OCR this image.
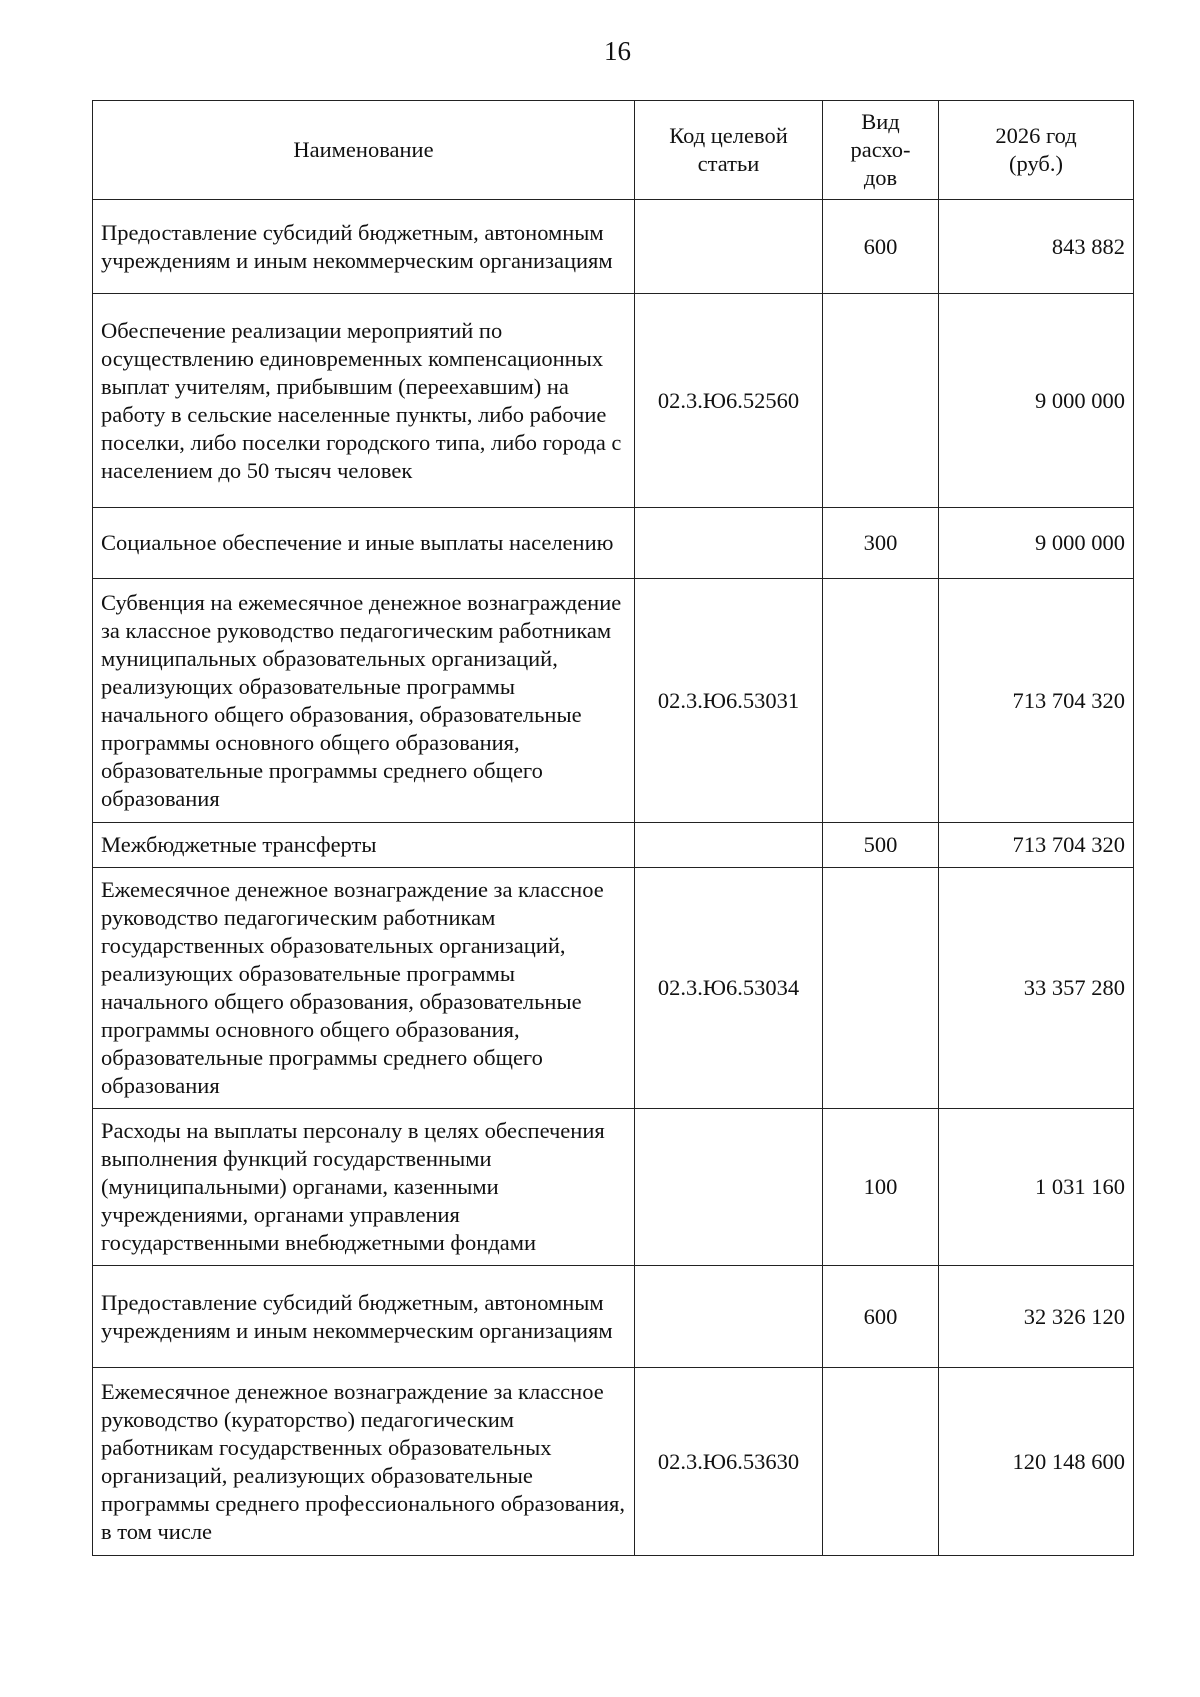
16
Наименование	Код целевой статьи	Вид расхо-дов	2026 год (руб.)
Предоставление субсидий бюджетным, автономным учреждениям и иным некоммерческим организациям		600	843 882
Обеспечение реализации мероприятий по осуществлению единовременных компенсационных выплат учителям, прибывшим (переехавшим) на работу в сельские населенные пункты, либо рабочие поселки, либо поселки городского типа, либо города с населением до 50 тысяч человек	02.3.Ю6.52560		9 000 000
Социальное обеспечение и иные выплаты населению		300	9 000 000
Субвенция на ежемесячное денежное вознаграждение за классное руководство педагогическим работникам муниципальных образовательных организаций, реализующих образовательные программы начального общего образования, образовательные программы основного общего образования, образовательные программы среднего общего образования	02.3.Ю6.53031		713 704 320
Межбюджетные трансферты		500	713 704 320
Ежемесячное денежное вознаграждение за классное руководство педагогическим работникам государственных образовательных организаций, реализующих образовательные программы начального общего образования, образовательные программы основного общего образования, образовательные программы среднего общего образования	02.3.Ю6.53034		33 357 280
Расходы на выплаты персоналу в целях обеспечения выполнения функций государственными (муниципальными) органами, казенными учреждениями, органами управления государственными внебюджетными фондами		100	1 031 160
Предоставление субсидий бюджетным, автономным учреждениям и иным некоммерческим организациям		600	32 326 120
Ежемесячное денежное вознаграждение за классное руководство (кураторство) педагогическим работникам государственных образовательных организаций, реализующих образовательные программы среднего профессионального образования, в том числе	02.3.Ю6.53630		120 148 600
